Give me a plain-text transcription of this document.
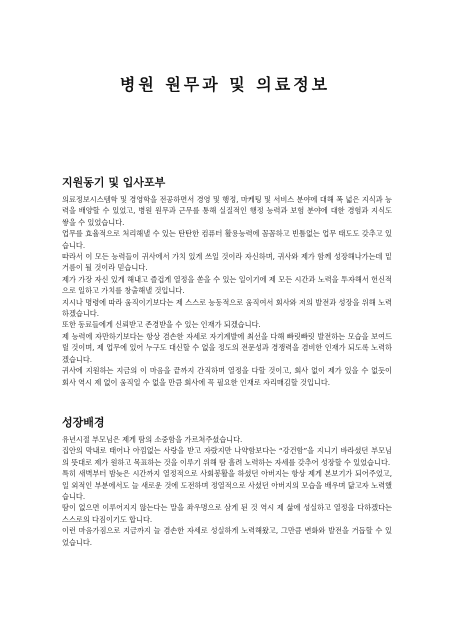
병원 원무과 및 의료정보
지원동기 및 입사포부

의료정보시스템학 및 경영학을 전공하면서 경영 및 행정, 마케팅 및 서비스 분야에 대해 폭 넓은 지식과 능력을 배양할 수 있었고, 병원 원무과 근무를 통해 실질적인 행정 능력과 보험 분야에 대한 경험과 지식도 쌓을 수 있었습니다.

업무를 효율적으로 처리해낼 수 있는 탄탄한 컴퓨터 활용능력에 꼼꼼하고 빈틈없는 업무 태도도 갖추고 있습니다.

따라서 이 모든 능력들이 귀사에서 가치 있게 쓰일 것이라 자신하며, 귀사와 제가 함께 성장해나가는데 밑거름이 될 것이라 믿습니다.

제가 가장 자신 있게 해내고 즐겁게 열정을 쏟을 수 있는 일이기에 제 모든 시간과 노력을 투자해서 헌신적으로 일하고 가치를 창출해낼 것입니다.

지시나 명령에 따라 움직이기보다는 제 스스로 능동적으로 움직여서 회사와 저의 발전과 성장을 위해 노력하겠습니다.

또한 동료들에게 신뢰받고 존경받을 수 있는 인재가 되겠습니다.

제 능력에 자만하기보다는 항상 겸손한 자세로 자기계발에 최선을 다해 빠릿빠릿 발전하는 모습을 보여드릴 것이며, 제 업무에 있어 누구도 대신할 수 없을 정도의 전문성과 경쟁력을 겸비한 인재가 되도록 노력하겠습니다.

귀사에 지원하는 지금의 이 마음을 끝까지 간직하며 열정을 다할 것이고, 회사 없이 제가 있을 수 없듯이 회사 역시 제 없이 움직일 수 없을 만큼 회사에 꼭 필요한 인재로 자리매김할 것입니다.

성장배경

유년시절 부모님은 제게 땀의 소중함을 가르쳐주셨습니다.

집안의 막내로 태어나 아낌없는 사랑을 받고 자랐지만 나약함보다는 “강건함”을 지니기 바라셨던 부모님의 뜻대로 제가 원하고 목표하는 것을 이루기 위해 땀 흘려 노력하는 자세를 갖추어 성장할 수 있었습니다.

특히 새벽부터 밤늦은 시간까지 열정적으로 사회봉활을 하셨던 아버지는 항상 제게 본보기가 되어주었고, 일 외적인 부분에서도 늘 새로운 것에 도전하며 정열적으로 사셨던 아버지의 모습을 배우며 닮고자 노력했습니다.

땀이 없으면 이루어지지 않는다는 말을 좌우명으로 삼게 된 것 역시 제 삶에 성실하고 열정을 다하겠다는 스스로의 다짐이기도 합니다.

이런 마음가짐으로 지금까지 늘 겸손한 자세로 성실하게 노력해왔고, 그만큼 변화와 발전을 거듭할 수 있었습니다.
